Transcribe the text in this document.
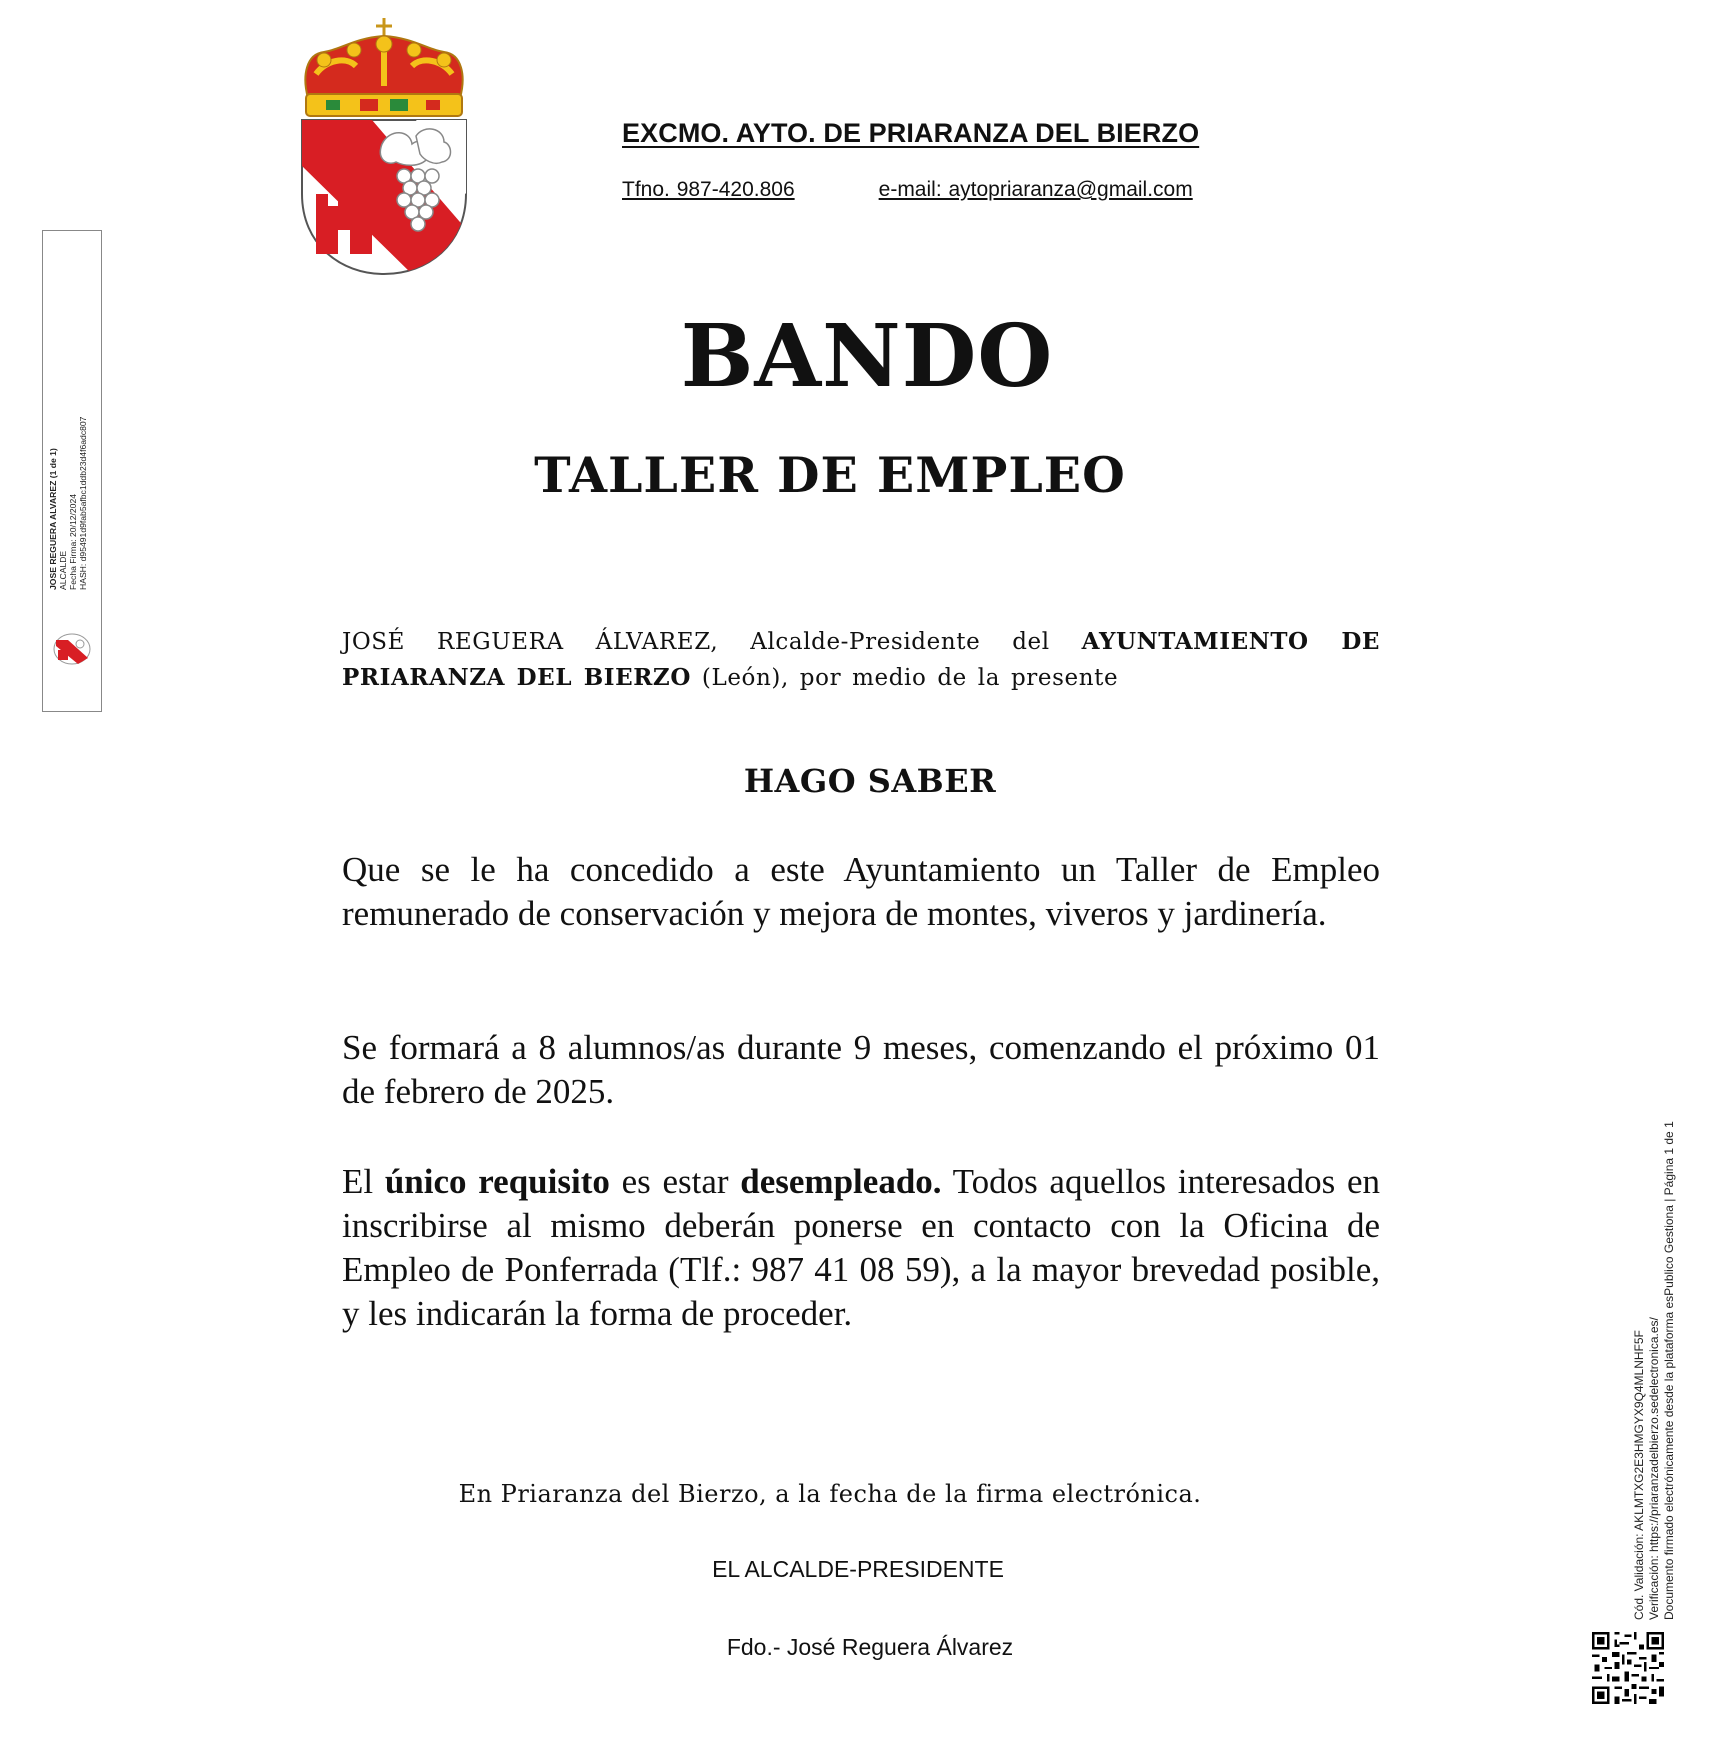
EXCMO. AYTO. DE PRIARANZA DEL BIERZO
Tfno. 987-420.806	e-mail: aytopriaranza@gmail.com
BANDO
TALLER DE EMPLEO
JOSÉ REGUERA ÁLVAREZ, Alcalde-Presidente del AYUNTAMIENTO DE PRIARANZA DEL BIERZO (León), por medio de la presente
HAGO SABER
Que se le ha concedido a este Ayuntamiento un Taller de Empleo remunerado de conservación y mejora de montes, viveros y jardinería.
Se formará a 8 alumnos/as durante 9 meses, comenzando el próximo 01 de febrero de 2025.
El único requisito es estar desempleado. Todos aquellos interesados en inscribirse al mismo deberán ponerse en contacto con la Oficina de Empleo de Ponferrada (Tlf.: 987 41 08 59), a la mayor brevedad posible, y les indicarán la forma de proceder.
En Priaranza del Bierzo, a la fecha de la firma electrónica.
EL ALCALDE-PRESIDENTE
Fdo.- José Reguera Álvarez
JOSE REGUERA ALVAREZ (1 de 1) ALCALDE Fecha Firma: 20/12/2024 HASH: d95491d9fab5afbc1ddb23d4f6adc807
Cód. Validación: AKLMTXG2E3HMGYX9Q4MLNHF5F Verificación: https://priaranzadelbierzo.sedelectronica.es/ Documento firmado electrónicamente desde la plataforma esPublico Gestiona | Página 1 de 1
